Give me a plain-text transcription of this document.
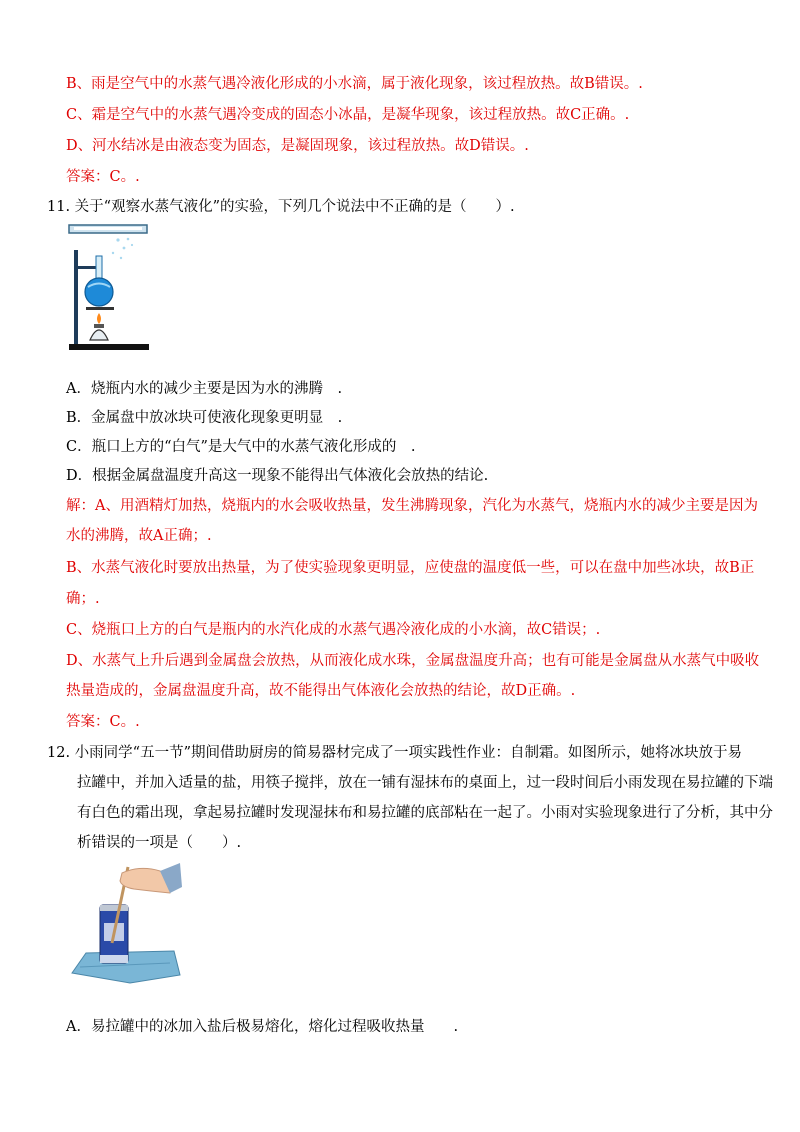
B、雨是空气中的水蒸气遇冷液化形成的小水滴，属于液化现象，该过程放热。故B错误。.
C、霜是空气中的水蒸气遇冷变成的固态小冰晶，是凝华现象，该过程放热。故C正确。.
D、河水结冰是由液态变为固态，是凝固现象，该过程放热。故D错误。.
答案：C。.
11. 关于“观察水蒸气液化”的实验，下列几个说法中不正确的是（　　）.
A．烧瓶内水的减少主要是因为水的沸腾　.
B．金属盘中放冰块可使液化现象更明显　.
C．瓶口上方的“白气”是大气中的水蒸气液化形成的　.
D．根据金属盘温度升高这一现象不能得出气体液化会放热的结论.
解：A、用酒精灯加热，烧瓶内的水会吸收热量，发生沸腾现象，汽化为水蒸气，烧瓶内水的减少主要是因为
水的沸腾，故A正确；.
B、水蒸气液化时要放出热量，为了使实验现象更明显，应使盘的温度低一些，可以在盘中加些冰块，故B正
确；.
C、烧瓶口上方的白气是瓶内的水汽化成的水蒸气遇冷液化成的小水滴，故C错误；.
D、水蒸气上升后遇到金属盘会放热，从而液化成水珠，金属盘温度升高；也有可能是金属盘从水蒸气中吸收
热量造成的，金属盘温度升高，故不能得出气体液化会放热的结论，故D正确。.
答案：C。.
12. 小雨同学“五一节”期间借助厨房的简易器材完成了一项实践性作业：自制霜。如图所示，她将冰块放于易
拉罐中，并加入适量的盐，用筷子搅拌，放在一铺有湿抹布的桌面上，过一段时间后小雨发现在易拉罐的下端
有白色的霜出现，拿起易拉罐时发现湿抹布和易拉罐的底部粘在一起了。小雨对实验现象进行了分析，其中分
析错误的一项是（　　）.
A．易拉罐中的冰加入盐后极易熔化，熔化过程吸收热量　　.
